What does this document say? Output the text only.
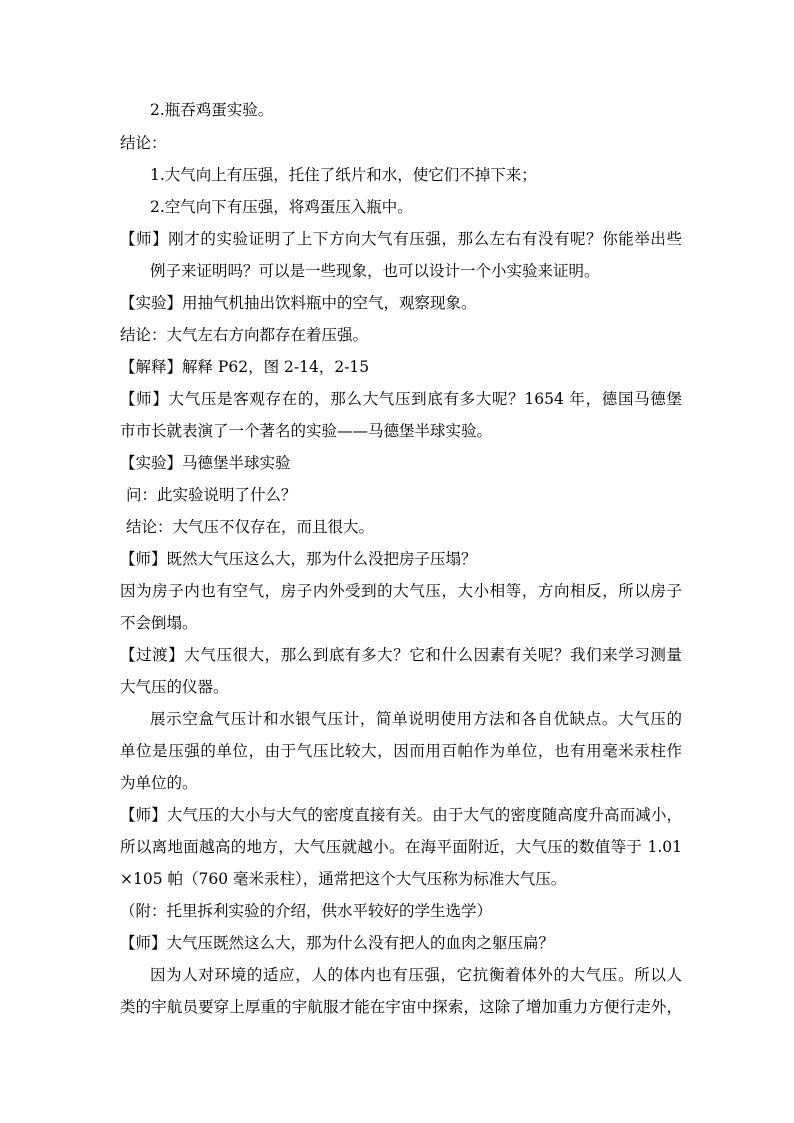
2.瓶吞鸡蛋实验。
结论：
1.大气向上有压强，托住了纸片和水，使它们不掉下来；
2.空气向下有压强，将鸡蛋压入瓶中。
【师】刚才的实验证明了上下方向大气有压强，那么左右有没有呢？你能举出些
例子来证明吗？可以是一些现象，也可以设计一个小实验来证明。
【实验】用抽气机抽出饮料瓶中的空气，观察现象。
结论：大气左右方向都存在着压强。
【解释】解释 P62，图 2-14，2-15
【师】大气压是客观存在的，那么大气压到底有多大呢？1654 年，德国马德堡
市市长就表演了一个著名的实验——马德堡半球实验。
【实验】马德堡半球实验
问：此实验说明了什么？
结论：大气压不仅存在，而且很大。
【师】既然大气压这么大，那为什么没把房子压塌？
因为房子内也有空气，房子内外受到的大气压，大小相等，方向相反，所以房子
不会倒塌。
【过渡】大气压很大，那么到底有多大？它和什么因素有关呢？我们来学习测量
大气压的仪器。
展示空盒气压计和水银气压计，简单说明使用方法和各自优缺点。大气压的
单位是压强的单位，由于气压比较大，因而用百帕作为单位，也有用毫米汞柱作
为单位的。
【师】大气压的大小与大气的密度直接有关。由于大气的密度随高度升高而减小，
所以离地面越高的地方，大气压就越小。在海平面附近，大气压的数值等于 1.01
×105 帕（760 毫米汞柱），通常把这个大气压称为标准大气压。
（附：托里拆利实验的介绍，供水平较好的学生选学）
【师】大气压既然这么大，那为什么没有把人的血肉之躯压扁？
因为人对环境的适应，人的体内也有压强，它抗衡着体外的大气压。所以人
类的宇航员要穿上厚重的宇航服才能在宇宙中探索，这除了增加重力方便行走外，
